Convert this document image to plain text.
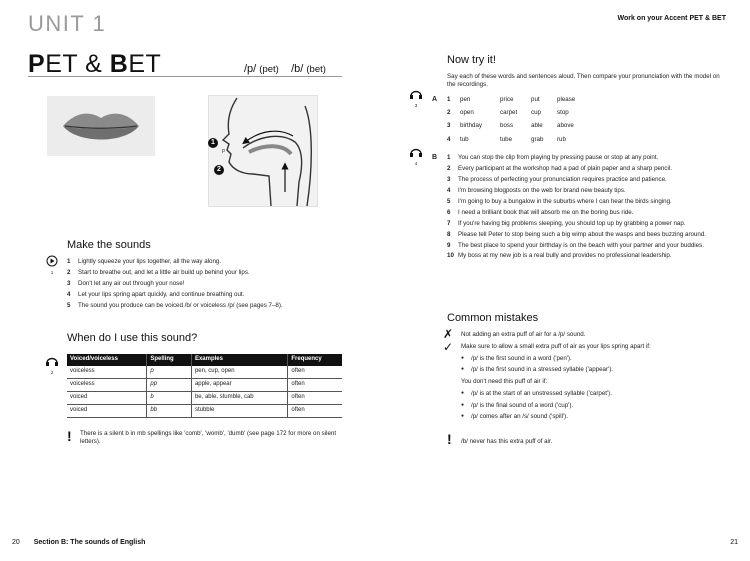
UNIT 1	Work on your Accent PET & BET
PET & BET	/p/ (pet) /b/ (bet)
1
2
p
Make the sounds
1
1	Lightly squeeze your lips together, all the way along.
2	Start to breathe out, and let a little air build up behind your lips.
3	Don't let any air out through your nose!
4	Let your lips spring apart quickly, and continue breathing out.
5	The sound you produce can be voiced /b/ or voiceless /p/ (see pages 7–8).
When do I use this sound?
2
Voiced/voiceless	Spelling	Examples	Frequency
voiceless	p	pen, cup, open	often
voiceless	pp	apple, appear	often
voiced	b	be, able, stumble, cab	often
voiced	bb	stubble	often
! There is a silent b in mb spellings like 'comb', 'womb', 'dumb' (see page 172 for more on silent letters).
Now try it!
Say each of these words and sentences aloud. Then compare your pronunciation with the model on the recordings.
3
A 1	pen	price	put	please
2	open	carpet	cup	stop
3	birthday	boss	able	above
4	tub	tube	grab	rub
4
B 1	You can stop the clip from playing by pressing pause or stop at any point.
2	Every participant at the workshop had a pad of plain paper and a sharp pencil.
3	The process of perfecting your pronunciation requires practice and patience.
4	I'm browsing blogposts on the web for brand new beauty tips.
5	I'm going to buy a bungalow in the suburbs where I can hear the birds singing.
6	I need a brilliant book that will absorb me on the boring bus ride.
7	If you're having big problems sleeping, you should top up by grabbing a power nap.
8	Please tell Peter to stop being such a big wimp about the wasps and bees buzzing around.
9	The best place to spend your birthday is on the beach with your partner and your buddies.
10 My boss at my new job is a real bully and provides no professional leadership.
Common mistakes
✗
✓
Not adding an extra puff of air for a /p/ sound.
Make sure to allow a small extra puff of air as your lips spring apart if:
● /p/ is the first sound in a word ('pen').
● /p/ is the first sound in a stressed syllable ('appear').
You don't need this puff of air if:
● /p/ is at the start of an unstressed syllable ('carpet').
● /p/ is the final sound of a word ('cup').
● /p/ comes after an /s/ sound ('spill').
! /b/ never has this extra puff of air.
20 Section B: The sounds of English	21
